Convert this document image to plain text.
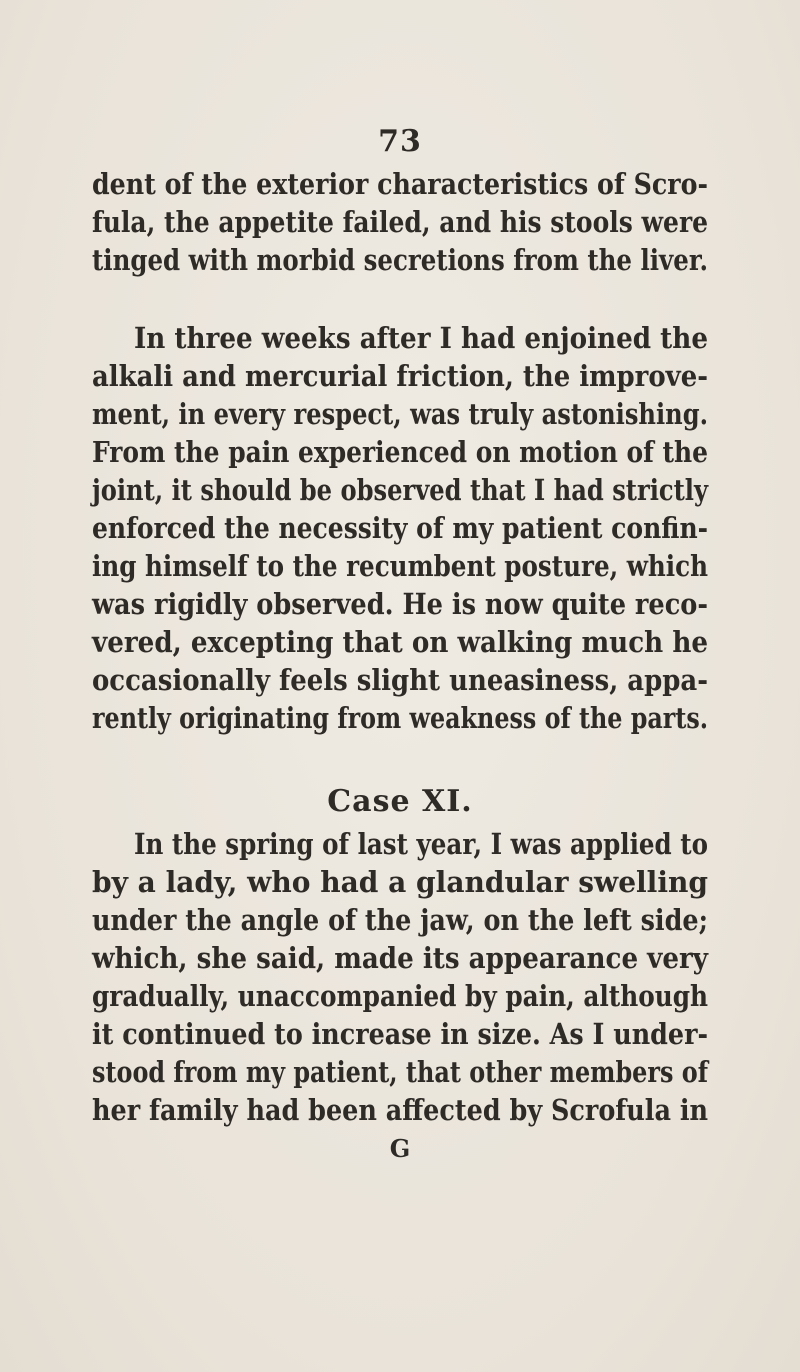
73
dent of the exterior characteristics of Scro-
fula, the appetite failed, and his stools were
tinged with morbid secretions from the liver.
In three weeks after I had enjoined the
alkali and mercurial friction, the improve-
ment, in every respect, was truly astonishing.
From the pain experienced on motion of the
joint, it should be observed that I had strictly
enforced the necessity of my patient confin-
ing himself to the recumbent posture, which
was rigidly observed. He is now quite reco-
vered, excepting that on walking much he
occasionally feels slight uneasiness, appa-
rently originating from weakness of the parts.
Case XI.
In the spring of last year, I was applied to
by a lady, who had a glandular swelling
under the angle of the jaw, on the left side;
which, she said, made its appearance very
gradually, unaccompanied by pain, although
it continued to increase in size. As I under-
stood from my patient, that other members of
her family had been affected by Scrofula in
G
